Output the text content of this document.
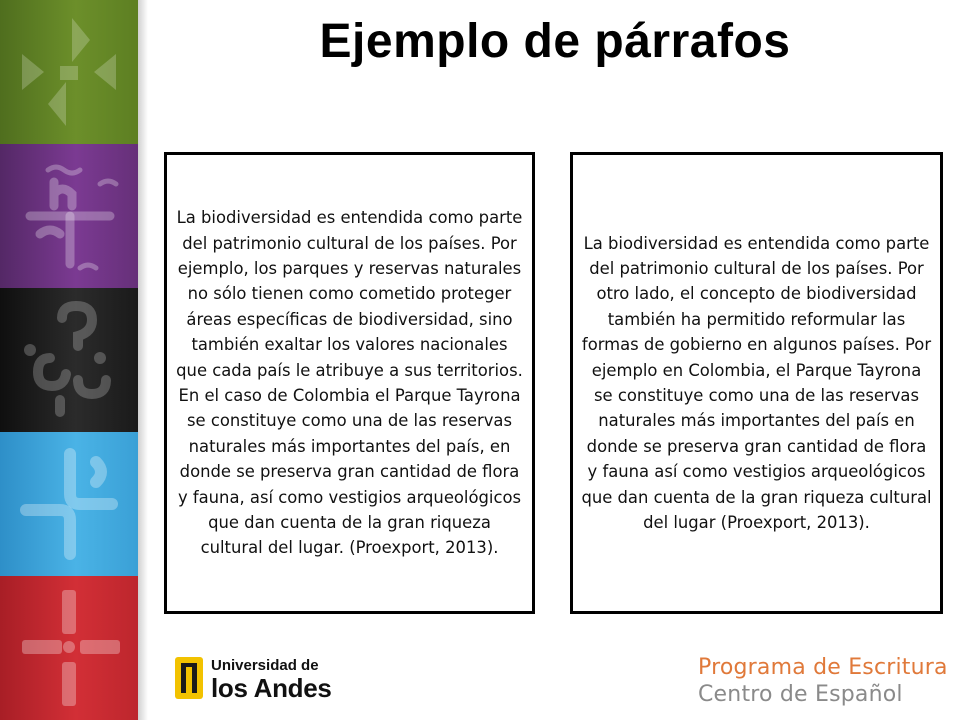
Ejemplo de párrafos

La biodiversidad es entendida como parte del patrimonio cultural de los países. Por ejemplo, los parques y reservas naturales no sólo tienen como cometido proteger áreas específicas de biodiversidad, sino también exaltar los valores nacionales que cada país le atribuye a sus territorios. En el caso de Colombia el Parque Tayrona se constituye como una de las reservas naturales más importantes del país, en donde se preserva gran cantidad de flora y fauna, así como vestigios arqueológicos que dan cuenta de la gran riqueza cultural del lugar. (Proexport, 2013).

La biodiversidad es entendida como parte del patrimonio cultural de los países. Por otro lado, el concepto de biodiversidad también ha permitido reformular las formas de gobierno en algunos países. Por ejemplo en Colombia, el Parque Tayrona se constituye como una de las reservas naturales más importantes del país en donde se preserva gran cantidad de flora y fauna así como vestigios arqueológicos que dan cuenta de la gran riqueza cultural del lugar (Proexport, 2013).

Universidad de
los Andes
Programa de Escritura
Centro de Español
